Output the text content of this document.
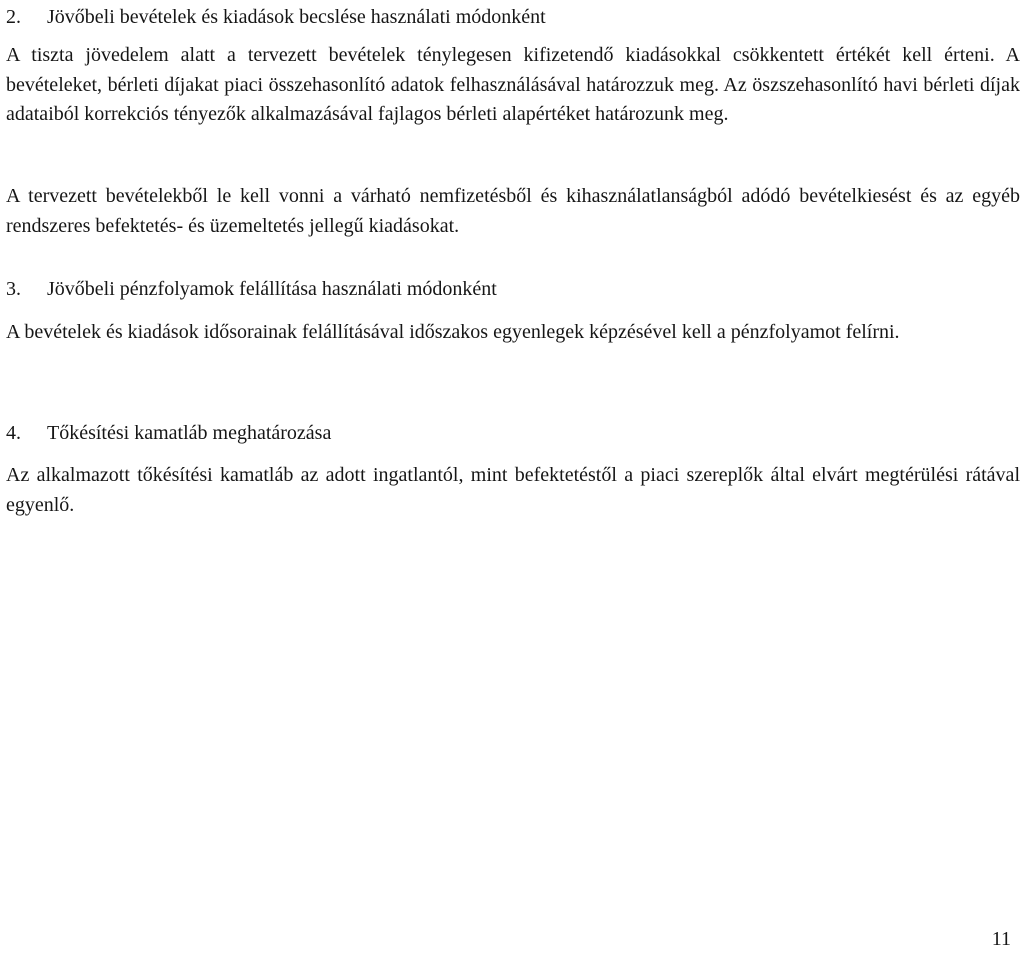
2. Jövőbeli bevételek és kiadások becslése használati módonként

A tiszta jövedelem alatt a tervezett bevételek ténylegesen kifizetendő kiadásokkal csökkentett értékét kell érteni. A bevételeket, bérleti díjakat piaci összehasonlító adatok felhasználásával határozzuk meg. Az öszszehasonlító havi bérleti díjak adataiból korrekciós tényezők alkalmazásával fajlagos bérleti alapértéket határozunk meg.

A tervezett bevételekből le kell vonni a várható nemfizetésből és kihasználatlanságból adódó bevételkiesést és az egyéb rendszeres befektetés- és üzemeltetés jellegű kiadásokat.

3. Jövőbeli pénzfolyamok felállítása használati módonként

A bevételek és kiadások idősorainak felállításával időszakos egyenlegek képzésével kell a pénzfolyamot felírni.

4. Tőkésítési kamatláb meghatározása

Az alkalmazott tőkésítési kamatláb az adott ingatlantól, mint befektetéstől a piaci szereplők által elvárt megtérülési rátával egyenlő.

11
